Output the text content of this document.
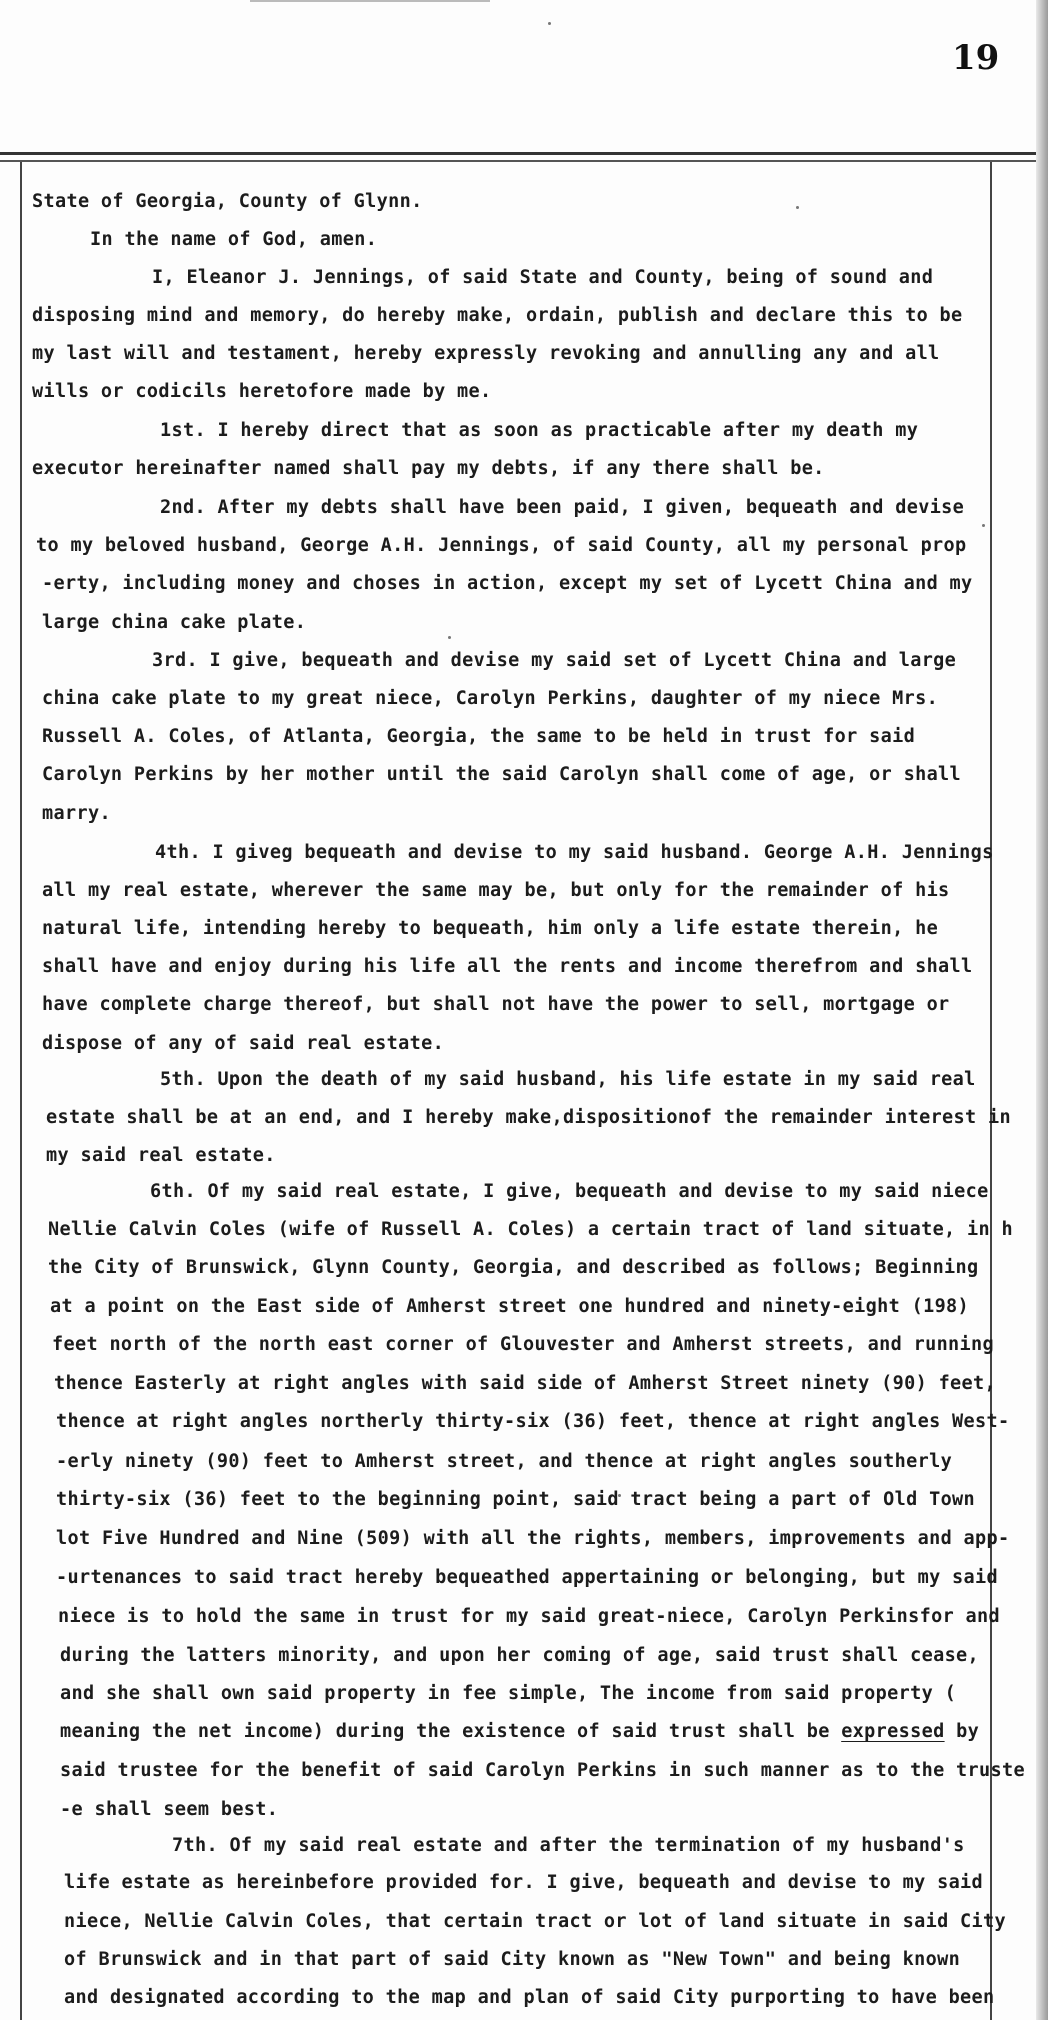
19
State of Georgia, County of Glynn.
In the name of God, amen.
I, Eleanor J. Jennings, of said State and County, being of sound and
disposing mind and memory, do hereby make, ordain, publish and declare this to be
my last will and testament, hereby expressly revoking and annulling any and all
wills or codicils heretofore made by me.
1st. I hereby direct that as soon as practicable after my death my
executor hereinafter named shall pay my debts, if any there shall be.
2nd. After my debts shall have been paid, I given, bequeath and devise
to my beloved husband, George A.H. Jennings, of said County, all my personal prop
-erty, including money and choses in action, except my set of Lycett China and my
large china cake plate.
3rd. I give, bequeath and devise my said set of Lycett China and large
china cake plate to my great niece, Carolyn Perkins, daughter of my niece Mrs.
Russell A. Coles, of Atlanta, Georgia, the same to be held in trust for said
Carolyn Perkins by her mother until the said Carolyn shall come of age, or shall
marry.
4th. I giveg bequeath and devise to my said husband. George A.H. Jennings
all my real estate, wherever the same may be, but only for the remainder of his
natural life, intending hereby to bequeath, him only a life estate therein, he
shall have and enjoy during his life all the rents and income therefrom and shall
have complete charge thereof, but shall not have the power to sell, mortgage or
dispose of any of said real estate.
5th. Upon the death of my said husband, his life estate in my said real
estate shall be at an end, and I hereby make,dispositionof the remainder interest in
my said real estate.
6th. Of my said real estate, I give, bequeath and devise to my said niece
Nellie Calvin Coles (wife of Russell A. Coles) a certain tract of land situate, in h
the City of Brunswick, Glynn County, Georgia, and described as follows; Beginning
at a point on the East side of Amherst street one hundred and ninety-eight (198)
feet north of the north east corner of Glouvester and Amherst streets, and running
thence Easterly at right angles with said side of Amherst Street ninety (90) feet,
thence at right angles northerly thirty-six (36) feet, thence at right angles West-
-erly ninety (90) feet to Amherst street, and thence at right angles southerly
thirty-six (36) feet to the beginning point, said tract being a part of Old Town
lot Five Hundred and Nine (509) with all the rights, members, improvements and app-
-urtenances to said tract hereby bequeathed appertaining or belonging, but my said
niece is to hold the same in trust for my said great-niece, Carolyn Perkinsfor and
during the latters minority, and upon her coming of age, said trust shall cease,
and she shall own said property in fee simple, The income from said property (
meaning the net income) during the existence of said trust shall be expressed by
said trustee for the benefit of said Carolyn Perkins in such manner as to the truste
-e shall seem best.
7th. Of my said real estate and after the termination of my husband's
life estate as hereinbefore provided for. I give, bequeath and devise to my said
niece, Nellie Calvin Coles, that certain tract or lot of land situate in said City
of Brunswick and in that part of said City known as "New Town" and being known
and designated according to the map and plan of said City purporting to have been
